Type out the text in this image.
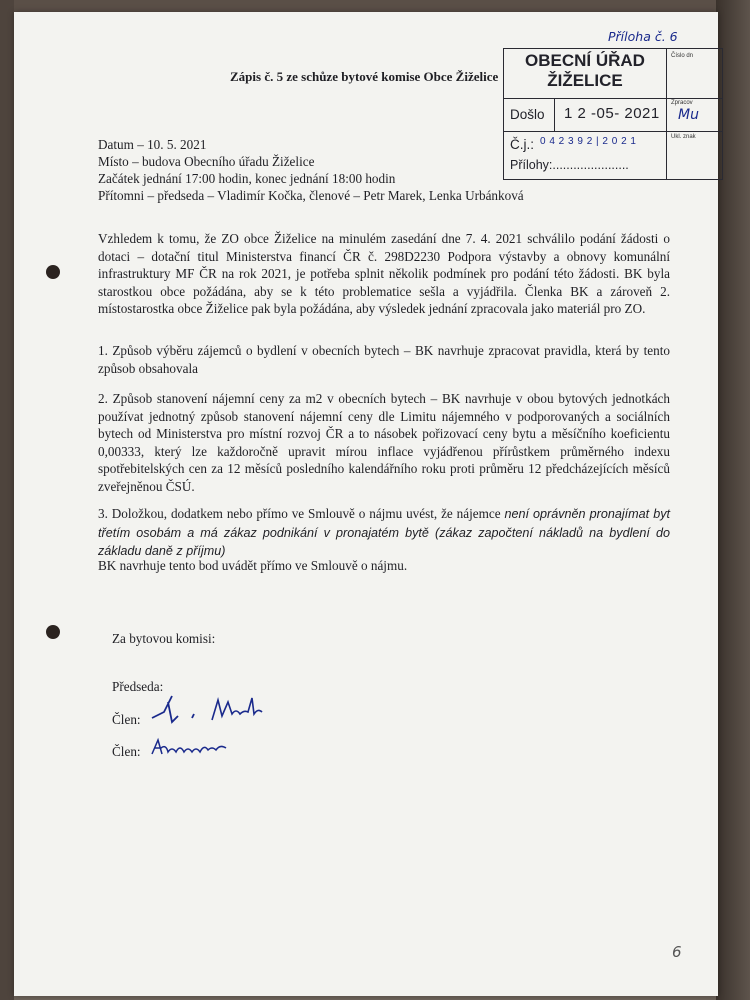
Příloha č. 6
OBECNÍ ÚŘAD
ŽIŽELICE
Číslo dn
Došlo 1 2 -05- 2021
Zpracov
Mu
Č.j.: 0 4 2 3 9 2 | 2 0 2 1	Ukl. znak
Přílohy:......................
Zápis č. 5 ze schůze bytové komise Obce Žiželice
Datum – 10. 5. 2021
Místo – budova Obecního úřadu Žiželice
Začátek jednání 17:00 hodin, konec jednání 18:00 hodin
Přítomni – předseda – Vladimír Kočka, členové – Petr Marek, Lenka Urbánková
Vzhledem k tomu, že ZO obce Žiželice na minulém zasedání dne 7. 4. 2021 schválilo podání žádosti o dotaci – dotační titul Ministerstva financí ČR č. 298D2230 Podpora výstavby a obnovy komunální infrastruktury MF ČR na rok 2021, je potřeba splnit několik podmínek pro podání této žádosti. BK byla starostkou obce požádána, aby se k této problematice sešla a vyjádřila. Členka BK a zároveň 2. místostarostka obce Žiželice pak byla požádána, aby výsledek jednání zpracovala jako materiál pro ZO.
1. Způsob výběru zájemců o bydlení v obecních bytech – BK navrhuje zpracovat pravidla, která by tento způsob obsahovala
2. Způsob stanovení nájemní ceny za m2 v obecních bytech – BK navrhuje v obou bytových jednotkách používat jednotný způsob stanovení nájemní ceny dle Limitu nájemného v podporovaných a sociálních bytech od Ministerstva pro místní rozvoj ČR a to násobek pořizovací ceny bytu a měsíčního koeficientu 0,00333, který lze každoročně upravit mírou inflace vyjádřenou přírůstkem průměrného indexu spotřebitelských cen za 12 měsíců posledního kalendářního roku proti průměru 12 předcházejících měsíců zveřejněnou ČSÚ.
3. Doložkou, dodatkem nebo přímo ve Smlouvě o nájmu uvést, že nájemce není oprávněn pronajímat byt třetím osobám a má zákaz podnikání v pronajatém bytě (zákaz započtení nákladů na bydlení do základu daně z příjmu)
BK navrhuje tento bod uvádět přímo ve Smlouvě o nájmu.
Za bytovou komisi:
Předseda:
Člen:
Člen:
6
